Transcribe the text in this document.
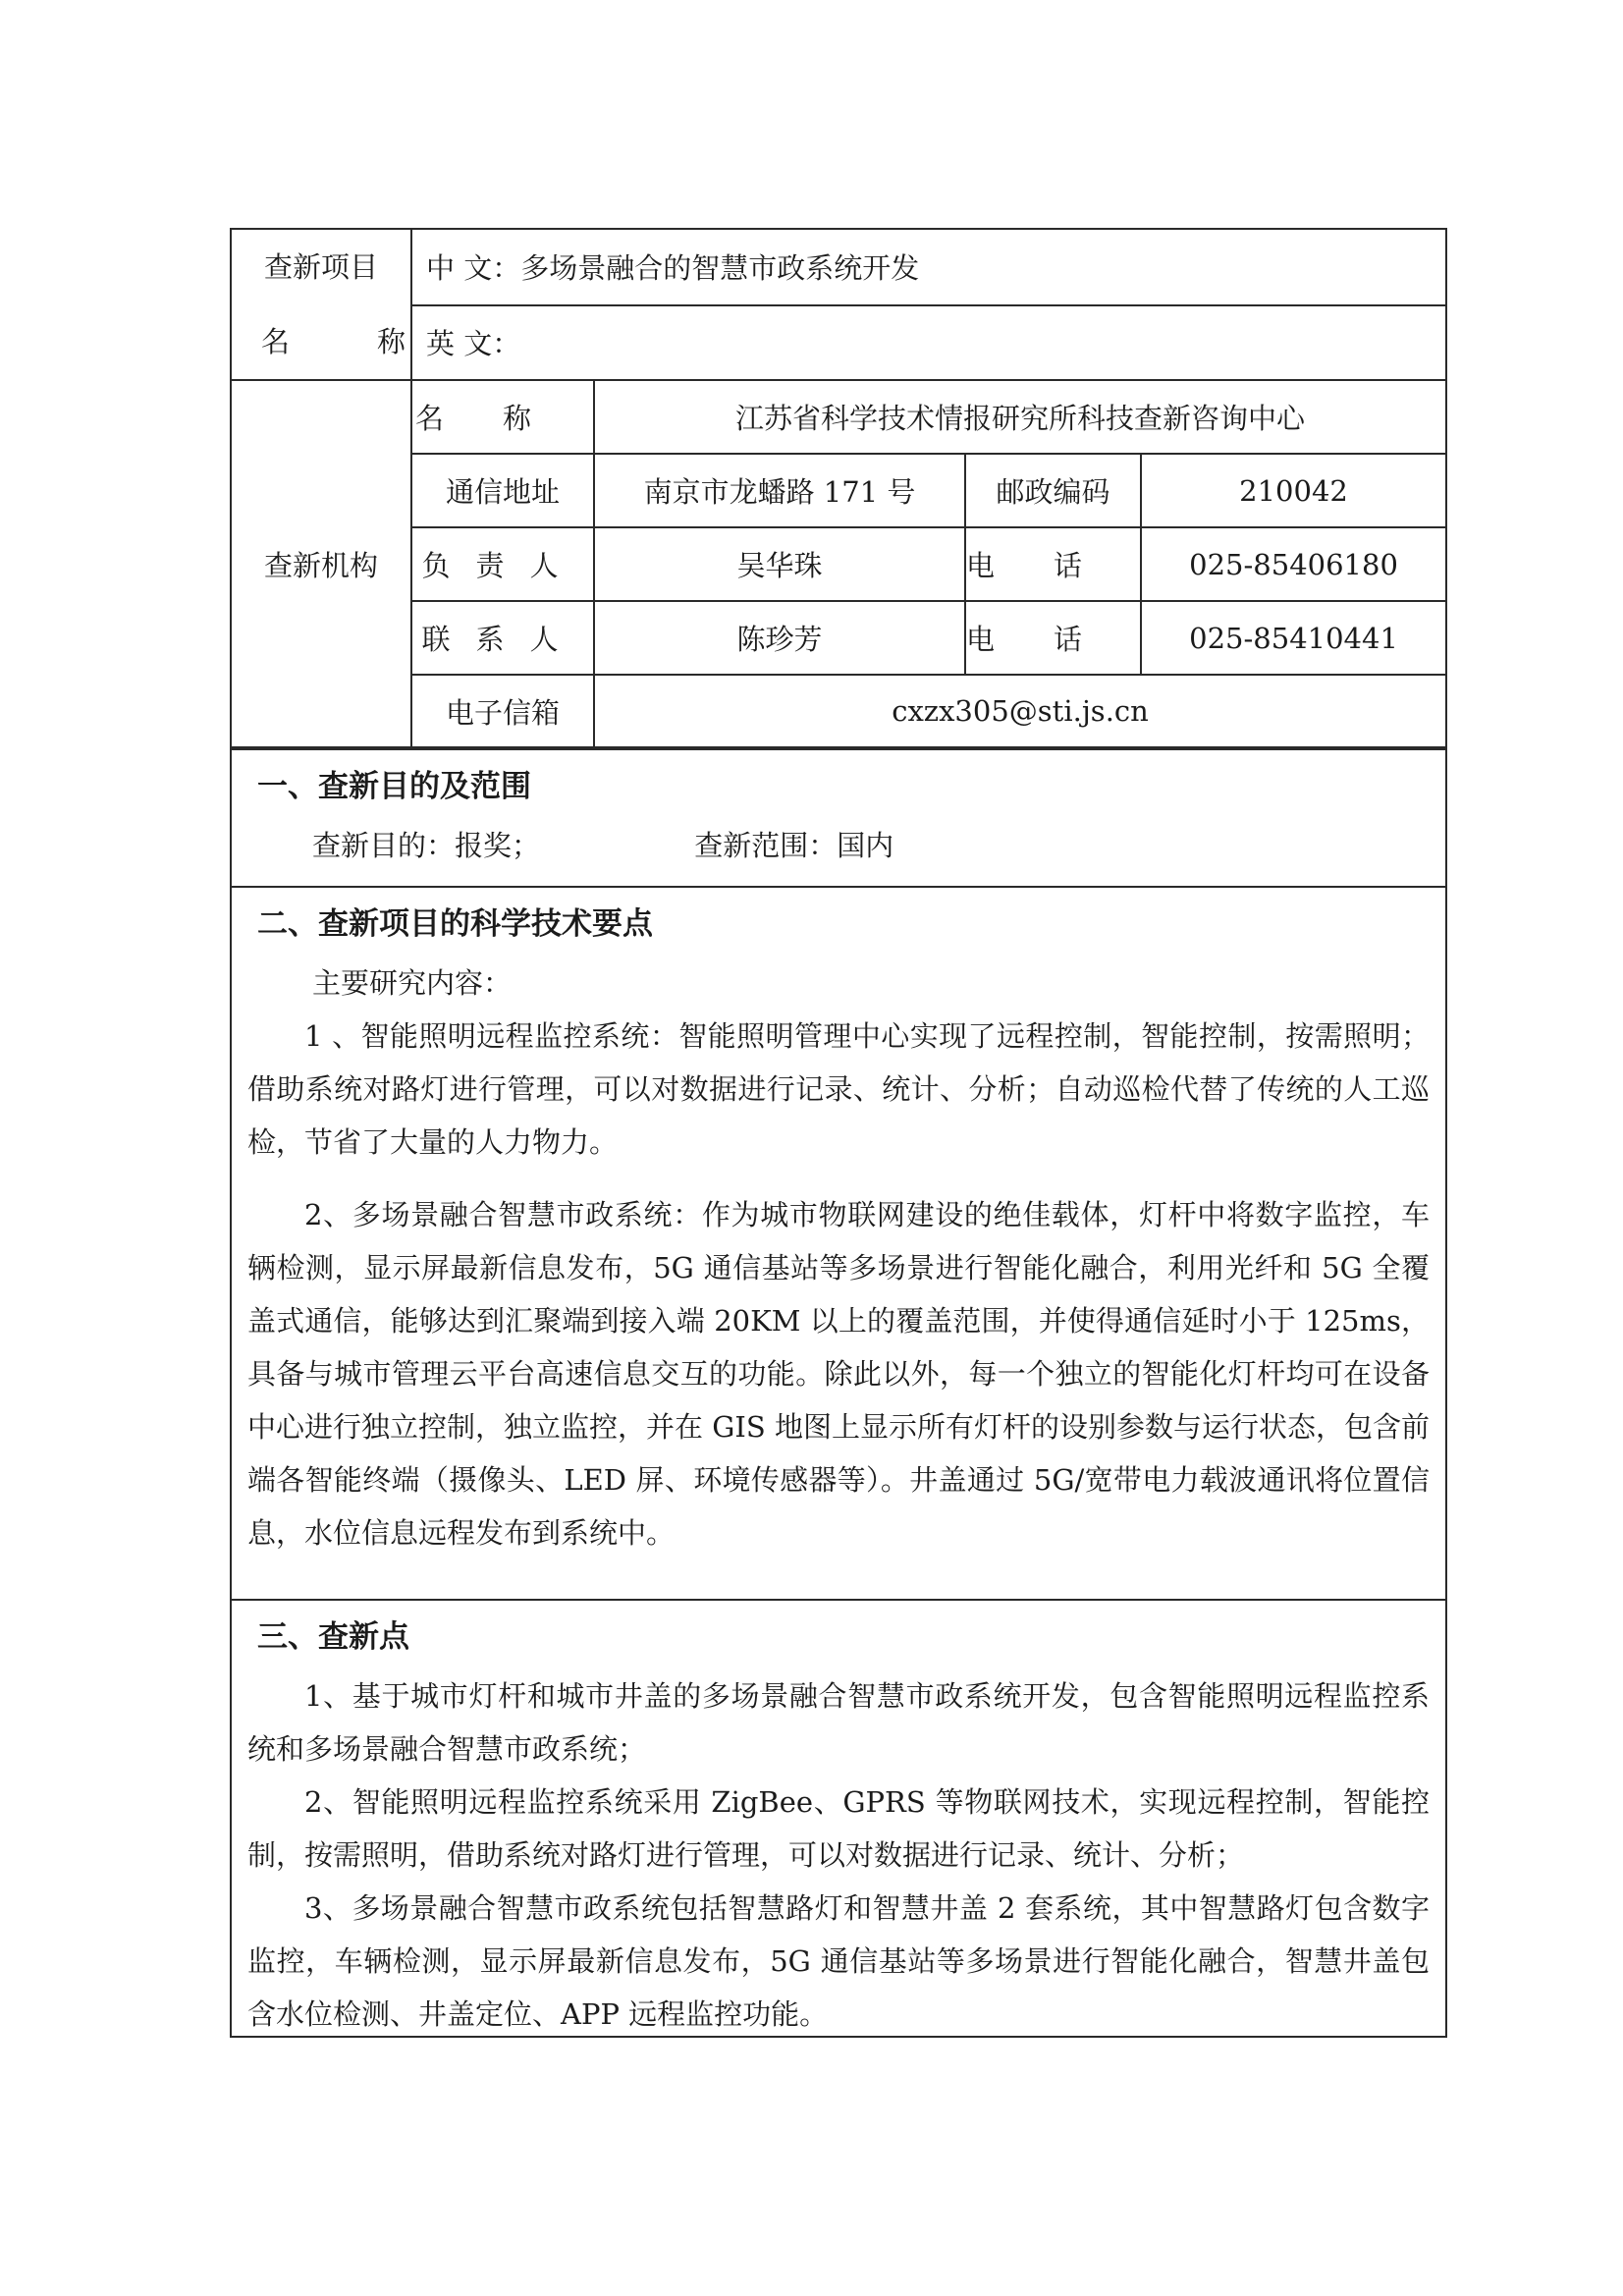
查新项目
名　称	中 文：多场景融合的智慧市政系统开发			
	英 文：			
查新机构	名称	江苏省科学技术情报研究所科技查新咨询中心		
	通信地址	南京市龙蟠路 171 号	邮政编码	210042
	负责人	吴华珠	电话	025-85406180
	联系人	陈珍芳	电话	025-85410441
	电子信箱	cxzx305@sti.js.cn		
一、查新目的及范围
查新目的：报奖；	查新范围：国内
二、查新项目的科学技术要点
主要研究内容：

1 、智能照明远程监控系统：智能照明管理中心实现了远程控制，智能控制，按需照明；借助系统对路灯进行管理，可以对数据进行记录、统计、分析；自动巡检代替了传统的人工巡检，节省了大量的人力物力。

2、多场景融合智慧市政系统：作为城市物联网建设的绝佳载体，灯杆中将数字监控，车辆检测，显示屏最新信息发布，5G 通信基站等多场景进行智能化融合，利用光纤和 5G 全覆盖式通信，能够达到汇聚端到接入端 20KM 以上的覆盖范围，并使得通信延时小于 125ms，具备与城市管理云平台高速信息交互的功能。除此以外，每一个独立的智能化灯杆均可在设备中心进行独立控制，独立监控，并在 GIS 地图上显示所有灯杆的设别参数与运行状态，包含前端各智能终端（摄像头、LED 屏、环境传感器等）。井盖通过 5G/宽带电力载波通讯将位置信息，水位信息远程发布到系统中。

三、查新点

1、基于城市灯杆和城市井盖的多场景融合智慧市政系统开发，包含智能照明远程监控系统和多场景融合智慧市政系统；

2、智能照明远程监控系统采用 ZigBee、GPRS 等物联网技术，实现远程控制，智能控制，按需照明，借助系统对路灯进行管理，可以对数据进行记录、统计、分析；

3、多场景融合智慧市政系统包括智慧路灯和智慧井盖 2 套系统，其中智慧路灯包含数字监控，车辆检测，显示屏最新信息发布，5G 通信基站等多场景进行智能化融合，智慧井盖包含水位检测、井盖定位、APP 远程监控功能。
